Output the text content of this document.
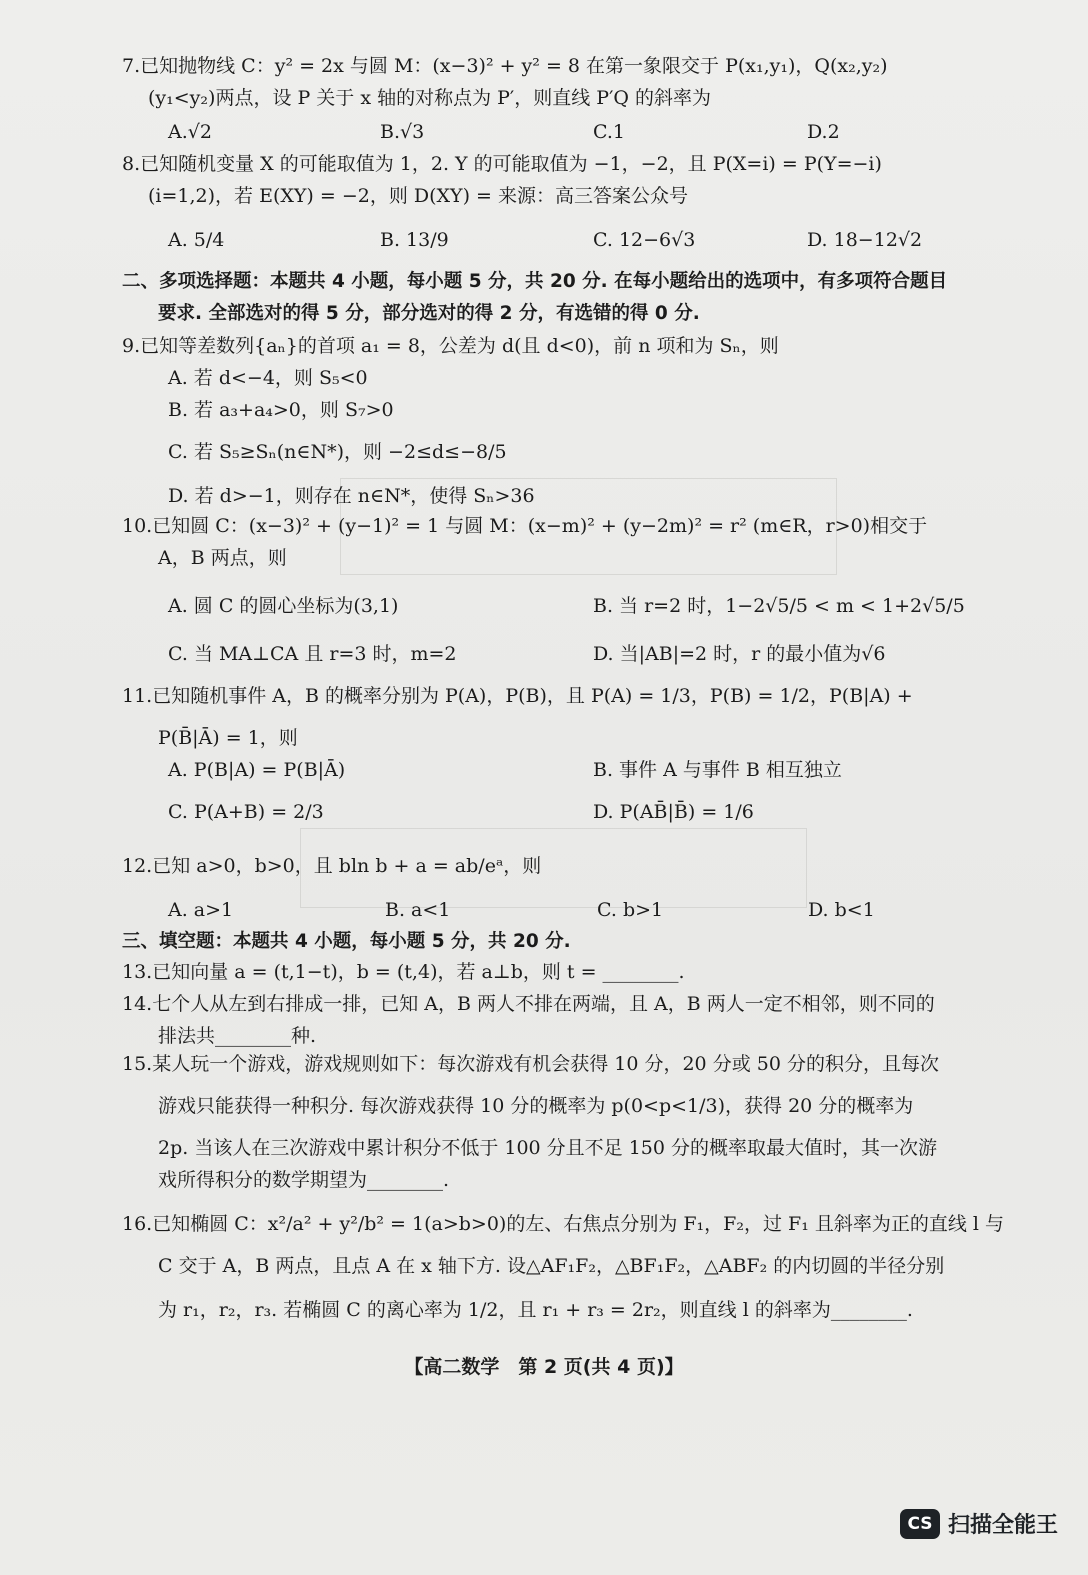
7.已知抛物线 C：y² = 2x 与圆 M：(x−3)² + y² = 8 在第一象限交于 P(x₁,y₁)，Q(x₂,y₂)
(y₁<y₂)两点，设 P 关于 x 轴的对称点为 P′，则直线 P′Q 的斜率为
A.√2	B.√3	C.1	D.2
8.已知随机变量 X 的可能取值为 1，2. Y 的可能取值为 −1，−2，且 P(X=i) = P(Y=−i)
(i=1,2)，若 E(XY) = −2，则 D(XY) = 来源：高三答案公众号
A. 5/4	B. 13/9	C. 12−6√3	D. 18−12√2
二、多项选择题：本题共 4 小题，每小题 5 分，共 20 分. 在每小题给出的选项中，有多项符合题目
要求. 全部选对的得 5 分，部分选对的得 2 分，有选错的得 0 分.
9.已知等差数列{aₙ}的首项 a₁ = 8，公差为 d(且 d<0)，前 n 项和为 Sₙ，则
A. 若 d<−4，则 S₅<0
B. 若 a₃+a₄>0，则 S₇>0
C. 若 S₅≥Sₙ(n∈N*)，则 −2≤d≤−8/5
D. 若 d>−1，则存在 n∈N*，使得 Sₙ>36
10.已知圆 C：(x−3)² + (y−1)² = 1 与圆 M：(x−m)² + (y−2m)² = r² (m∈R，r>0)相交于
A，B 两点，则
A. 圆 C 的圆心坐标为(3,1)	B. 当 r=2 时，1−2√5/5 < m < 1+2√5/5
C. 当 MA⊥CA 且 r=3 时，m=2	D. 当|AB|=2 时，r 的最小值为√6
11.已知随机事件 A，B 的概率分别为 P(A)，P(B)，且 P(A) = 1/3，P(B) = 1/2，P(B|A) +
P(B̄|Ā) = 1，则
A. P(B|A) = P(B|Ā)	B. 事件 A 与事件 B 相互独立
C. P(A+B) = 2/3	D. P(AB̄|B̄) = 1/6
12.已知 a>0，b>0，且 bln b + a = ab/eᵃ，则
A. a>1	B. a<1	C. b>1	D. b<1
三、填空题：本题共 4 小题，每小题 5 分，共 20 分.
13.已知向量 a = (t,1−t)，b = (t,4)，若 a⊥b，则 t = ________.
14.七个人从左到右排成一排，已知 A，B 两人不排在两端，且 A，B 两人一定不相邻，则不同的
排法共________种.
15.某人玩一个游戏，游戏规则如下：每次游戏有机会获得 10 分，20 分或 50 分的积分，且每次
游戏只能获得一种积分. 每次游戏获得 10 分的概率为 p(0<p<1/3)，获得 20 分的概率为
2p. 当该人在三次游戏中累计积分不低于 100 分且不足 150 分的概率取最大值时，其一次游
戏所得积分的数学期望为________.
16.已知椭圆 C：x²/a² + y²/b² = 1(a>b>0)的左、右焦点分别为 F₁，F₂，过 F₁ 且斜率为正的直线 l 与
C 交于 A，B 两点，且点 A 在 x 轴下方. 设△AF₁F₂，△BF₁F₂，△ABF₂ 的内切圆的半径分别
为 r₁，r₂，r₃. 若椭圆 C 的离心率为 1/2，且 r₁ + r₃ = 2r₂，则直线 l 的斜率为________.
【高二数学　第 2 页(共 4 页)】
CS 扫描全能王
